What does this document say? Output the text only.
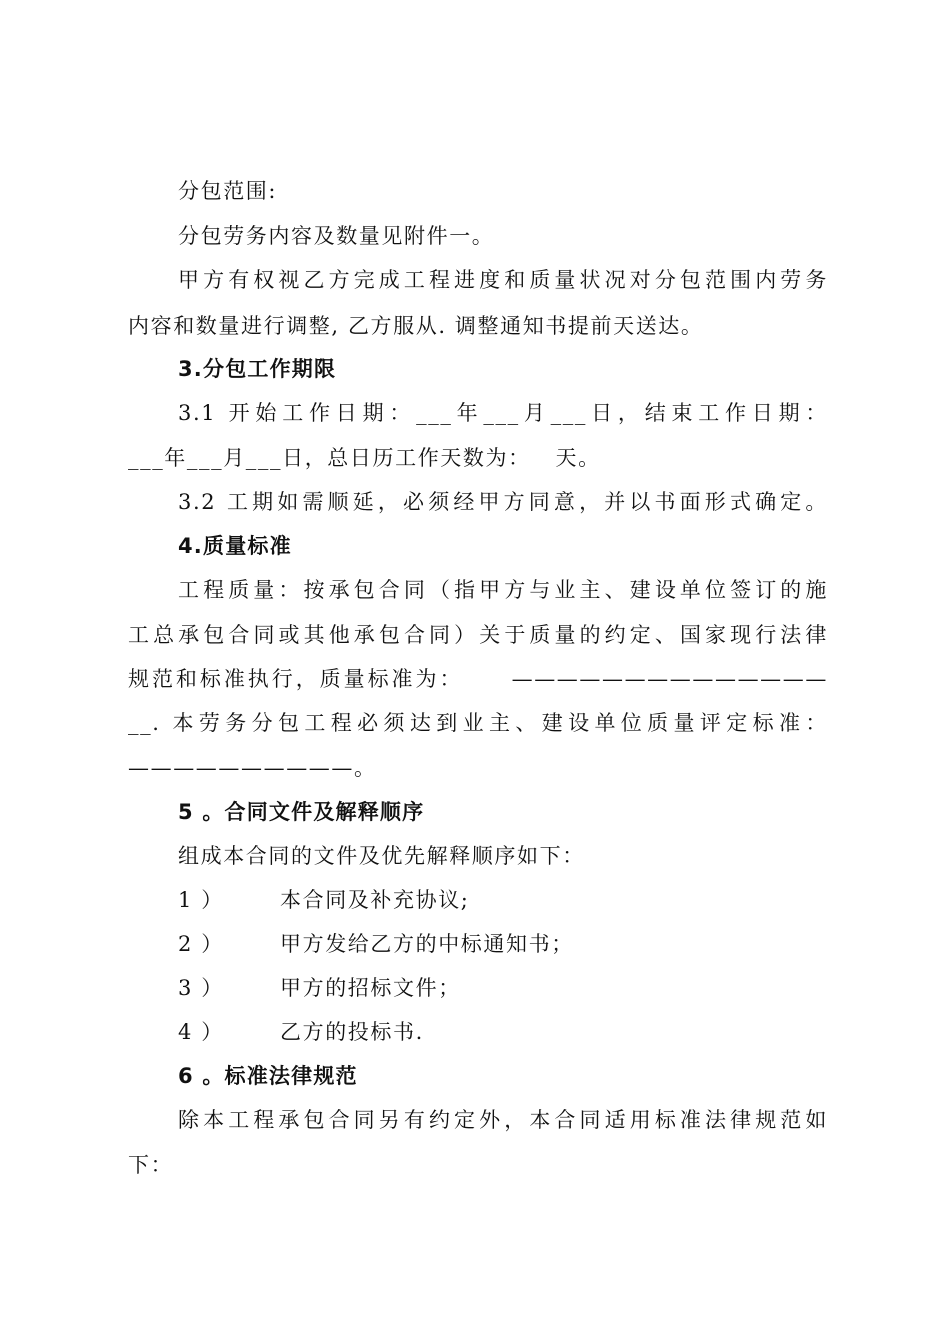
分包范围:
分包劳务内容及数量见附件一。
甲方有权视乙方完成工程进度和质量状况对分包范围内劳务
内容和数量进行调整, 乙方服从. 调整通知书提前天送达。
3.分包工作期限
3.1 开始工作日期：___年___月___日，结束工作日期：
___年___月___日，总日历工作天数为：   天。
3.2 工期如需顺延，必须经甲方同意，并以书面形式确定。
4.质量标准
工程质量：按承包合同（指甲方与业主、建设单位签订的施
工总承包合同或其他承包合同）关于质量的约定、国家现行法律
规范和标准执行，质量标准为：     ——————————————
__. 本劳务分包工程必须达到业主、建设单位质量评定标准：
——————————。
5 。合同文件及解释顺序
组成本合同的文件及优先解释顺序如下：
1 ）	本合同及补充协议;
2 ）	甲方发给乙方的中标通知书；
3 ）	甲方的招标文件；
4 ）	乙方的投标书.
6 。标准法律规范
除本工程承包合同另有约定外，本合同适用标准法律规范如
下：
